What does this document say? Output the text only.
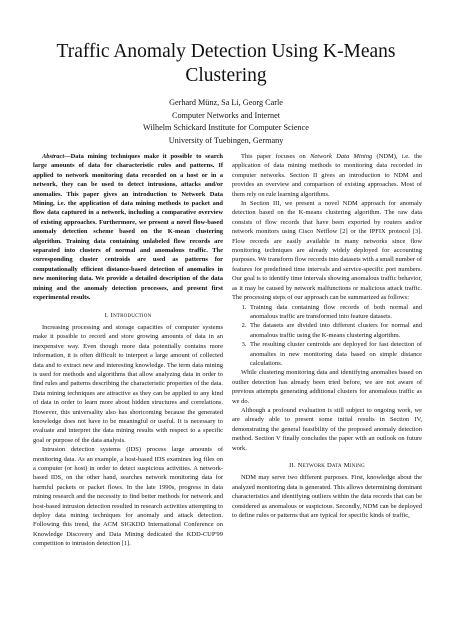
Traffic Anomaly Detection Using K-Means Clustering
Gerhard Münz, Sa Li, Georg Carle
Computer Networks and Internet
Wilhelm Schickard Institute for Computer Science
University of Tuebingen, Germany

Abstract—Data mining techniques make it possible to search large amounts of data for characteristic rules and patterns. If applied to network monitoring data recorded on a host or in a network, they can be used to detect intrusions, attacks and/or anomalies. This paper gives an introduction to Network Data Mining, i.e. the application of data mining methods to packet and flow data captured in a network, including a comparative overview of existing approaches. Furthermore, we present a novel flow-based anomaly detection scheme based on the K-mean clustering algorithm. Training data containing unlabeled flow records are separated into clusters of normal and anomalous traffic. The corresponding cluster centroids are used as patterns for computationally efficient distance-based detection of anomalies in new monitoring data. We provide a detailed description of the data mining and the anomaly detection processes, and present first experimental results.

I. Introduction

Increasing processing and storage capacities of computer systems make it possible to record and store growing amounts of data in an inexpensive way. Even though more data potentially contains more information, it is often difficult to interpret a large amount of collected data and to extract new and interesting knowledge. The term data mining is used for methods and algorithms that allow analyzing data in order to find rules and patterns describing the characteristic properties of the data. Data mining techniques are attractive as they can be applied to any kind of data in order to learn more about hidden structures and correlations. However, this universality also has shortcoming because the generated knowledge does not have to be meaningful or useful. It is necessary to evaluate and interpret the data mining results with respect to a specific goal or purpose of the data analysis.

Intrusion detection systems (IDS) process large amounts of monitoring data. As an example, a host-based IDS examines log files on a computer (or host) in order to detect suspicious activities. A network-based IDS, on the other hand, searches network monitoring data for harmful packets or packet flows. In the late 1990s, progress in data mining research and the necessity to find better methods for network and host-based intrusion detection resulted in research activities attempting to deploy data mining techniques for anomaly and attack detection. Following this trend, the ACM SIGKDD International Conference on Knowledge Discovery and Data Mining dedicated the KDD-CUP'99 competition to intrusion detection [1].

This paper focuses on Network Data Mining (NDM), i.e. the application of data mining methods to monitoring data recorded in computer networks. Section II gives an introduction to NDM and provides an overview and comparison of existing approaches. Most of them rely on rule learning algorithms.

In Section III, we present a novel NDM approach for anomaly detection based on the K-means clustering algorithm. The raw data consists of flow records that have been exported by routers and/or network monitors using Cisco Netflow [2] or the IPFIX protocol [3]. Flow records are easily available in many networks since flow monitoring techniques are already widely deployed for accounting purposes. We transform flow records into datasets with a small number of features for predefined time intervals and service-specific port numbers. Our goal is to identify time intervals showing anomalous traffic behavior, as it may be caused by network malfunctions or malicious attack traffic. The processing steps of our approach can be summarized as follows:

1. Training data containing flow records of both normal and anomalous traffic are transformed into feature datasets.
2. The datasets are divided into different clusters for normal and anomalous traffic using the K-means clustering algorithm.
3. The resulting cluster centroids are deployed for fast detection of anomalies in new monitoring data based on simple distance calculations.

While clustering monitoring data and identifying anomalies based on outlier detection has already been tried before, we are not aware of previous attempts generating additional clusters for anomalous traffic as we do.

Although a profound evaluation is still subject to ongoing work, we are already able to present some initial results in Section IV, demonstrating the general feasibility of the proposed anomaly detection method. Section V finally concludes the paper with an outlook on future work.

II. Network Data Mining

NDM may serve two different purposes. First, knowledge about the analyzed monitoring data is generated. This allows determining dominant characteristics and identifying outliers within the data records that can be considered as anomalous or suspicious. Secondly, NDM can be deployed to define rules or patterns that are typical for specific kinds of traffic,
